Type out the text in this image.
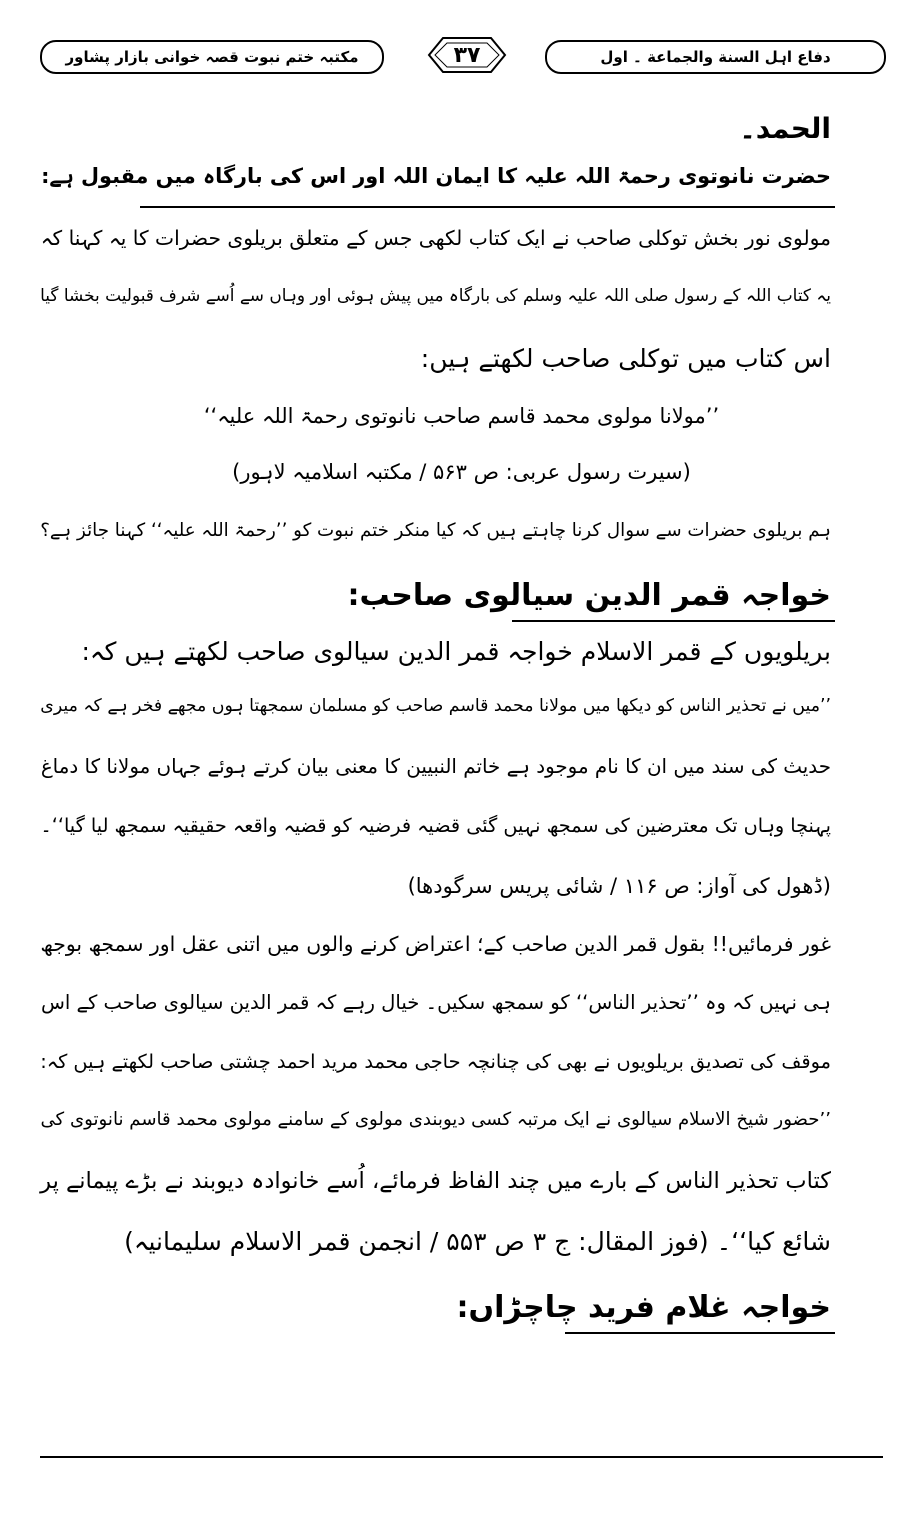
مکتبہ ختم نبوت قصہ خوانی بازار پشاور	۳۷	دفاع اہل السنة والجماعة ۔ اول
الحمد۔
حضرت نانوتوی رحمۃ اللہ علیہ کا ایمان اللہ اور اس کی بارگاہ میں مقبول ہے:
مولوی نور بخش توکلی صاحب نے ایک کتاب لکھی جس کے متعلق بریلوی حضرات کا یہ کہنا کہ
یہ کتاب اللہ کے رسول صلی اللہ علیہ وسلم کی بارگاہ میں پیش ہوئی اور وہاں سے اُسے شرف قبولیت بخشا گیا
اس کتاب میں توکلی صاحب لکھتے ہیں:
’’مولانا مولوی محمد قاسم صاحب نانوتوی رحمۃ اللہ علیہ‘‘
(سیرت رسول عربی: ص ۵۶۳ / مکتبہ اسلامیہ لاہور)
ہم بریلوی حضرات سے سوال کرنا چاہتے ہیں کہ کیا منکر ختم نبوت کو ’’رحمۃ اللہ علیہ‘‘ کہنا جائز ہے؟
خواجہ قمر الدین سیالوی صاحب:
بریلویوں کے قمر الاسلام خواجہ قمر الدین سیالوی صاحب لکھتے ہیں کہ:
’’میں نے تحذیر الناس کو دیکھا میں مولانا محمد قاسم صاحب کو مسلمان سمجھتا ہوں مجھے فخر ہے کہ میری
حدیث کی سند میں ان کا نام موجود ہے خاتم النبیین کا معنی بیان کرتے ہوئے جہاں مولانا کا دماغ
پہنچا وہاں تک معترضین کی سمجھ نہیں گئی قضیہ فرضیہ کو قضیہ واقعہ حقیقیہ سمجھ لیا گیا‘‘۔
(ڈھول کی آواز: ص ۱۱۶ / شائی پریس سرگودھا)
غور فرمائیں!! بقول قمر الدین صاحب کے؛ اعتراض کرنے والوں میں اتنی عقل اور سمجھ بوجھ
ہی نہیں کہ وہ ’’تحذیر الناس‘‘ کو سمجھ سکیں۔ خیال رہے کہ قمر الدین سیالوی صاحب کے اس
موقف کی تصدیق بریلویوں نے بھی کی چنانچہ حاجی محمد مرید احمد چشتی صاحب لکھتے ہیں کہ:
’’حضور شیخ الاسلام سیالوی نے ایک مرتبہ کسی دیوبندی مولوی کے سامنے مولوی محمد قاسم نانوتوی کی
کتاب تحذیر الناس کے بارے میں چند الفاظ فرمائے، اُسے خانوادہ دیوبند نے بڑے پیمانے پر
شائع کیا‘‘۔ (فوز المقال: ج ۳ ص ۵۵۳ / انجمن قمر الاسلام سلیمانیہ)
خواجہ غلام فرید چاچڑاں:
